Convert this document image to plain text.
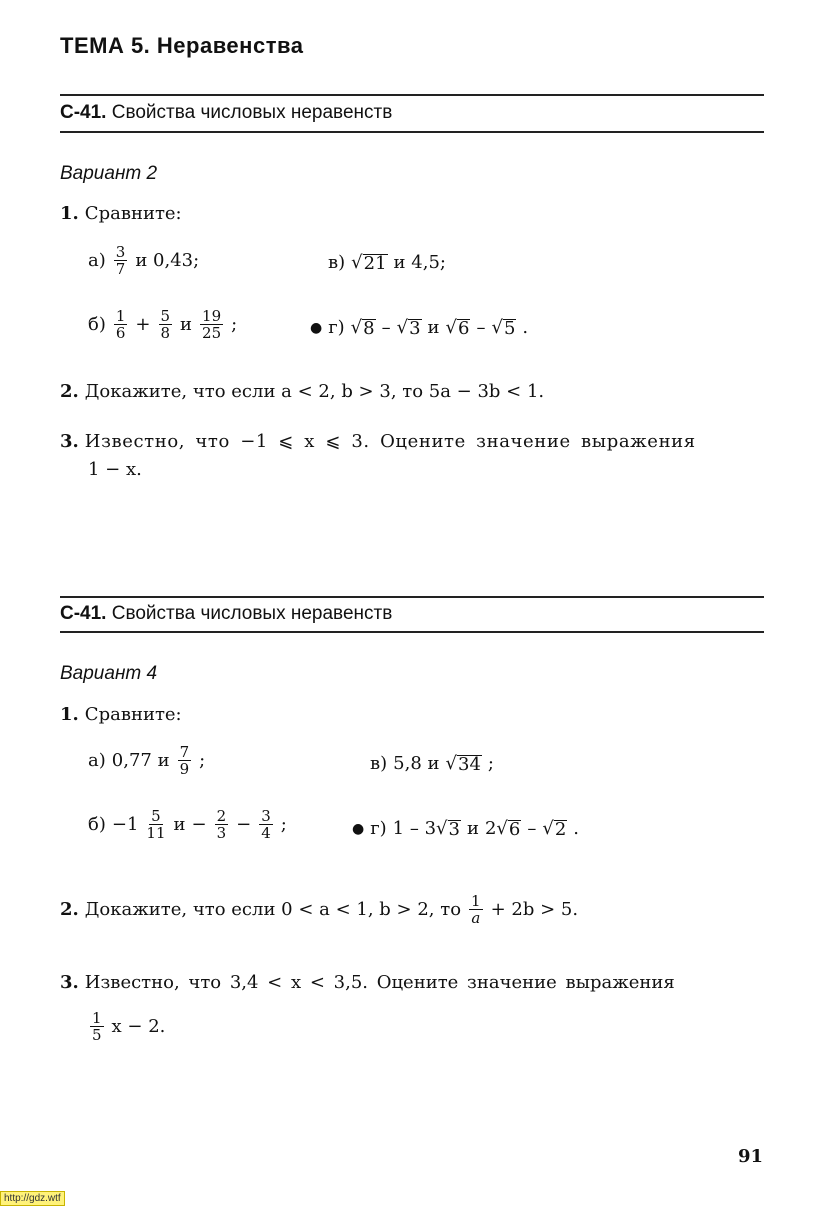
ТЕМА 5. Неравенства
С-41. Свойства числовых неравенств
Вариант 2
1. Сравните:
$а) \frac{3}{7}$ и 0,43;	в) √ 21 и 4,5;
$б) \frac{1}{6} + \frac{5}{8}$ и $\frac{19}{25}$ ;	● г) √ 8 – √ 3 и √ 6 – √ 5 .
2. Докажите, что если a < 2, b > 3, то 5a − 3b < 1.
3. Известно, что −1 ⩽ x ⩽ 3. Оцените значение выражения
1 − x.
С-41. Свойства числовых неравенств
Вариант 4
1. Сравните:
а) 0,77 и $\frac{7}{9}$ ;	в) 5,8 и √ 34 ;
$б) -1 \frac{5}{11}$ $и - \frac{2}{3} - \frac{3}{4}$ ;	● г) 1 – 3 √ 3 и 2 √ 6 – √ 2 .
2. Докажите, что если 0 < a < 1, b > 2, то $\frac{1}{a} + 2b > 5$.
3. Известно, что 3,4 < x < 3,5. Оцените значение выражения
$\frac{1}{5}$ x − 2.
91
http://gdz.wtf
